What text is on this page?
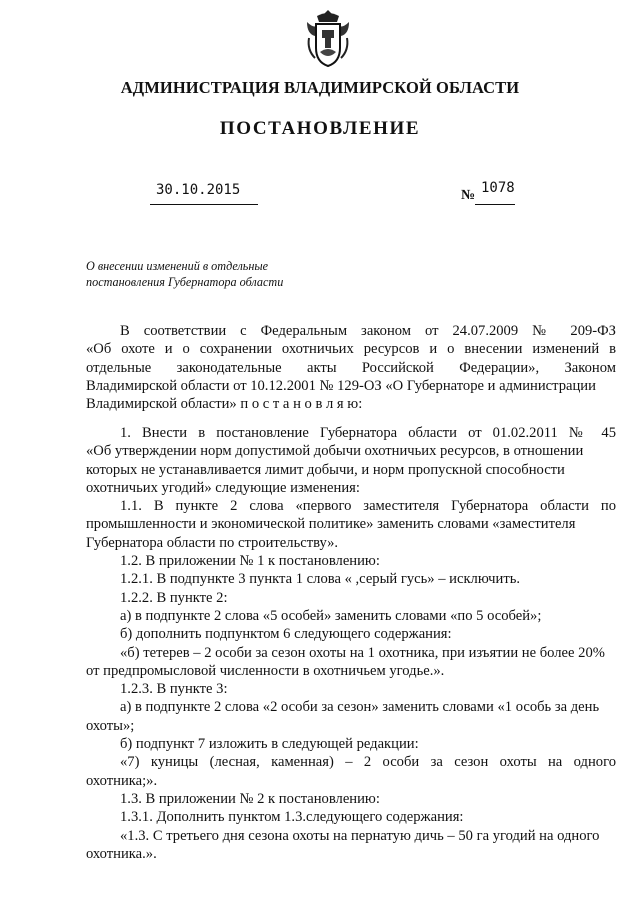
АДМИНИСТРАЦИЯ ВЛАДИМИРСКОЙ ОБЛАСТИ
ПОСТАНОВЛЕНИЕ
30.10.2015	№ 1078
О внесении изменений в отдельные
постановления Губернатора области
В соответствии с Федеральным законом от 24.07.2009 № 209-ФЗ
«Об охоте и о сохранении охотничьих ресурсов и о внесении изменений в
отдельные законодательные акты Российской Федерации», Законом
Владимирской области от 10.12.2001 № 129-ОЗ «О Губернаторе и администрации
Владимирской области» п о с т а н о в л я ю:
1. Внести в постановление Губернатора области от 01.02.2011 № 45
«Об утверждении норм допустимой добычи охотничьих ресурсов, в отношении
которых не устанавливается лимит добычи, и норм пропускной способности
охотничьих угодий» следующие изменения:
1.1. В пункте 2 слова «первого заместителя Губернатора области по
промышленности и экономической политике» заменить словами «заместителя
Губернатора области по строительству».
1.2. В приложении № 1 к постановлению:
1.2.1. В подпункте 3 пункта 1 слова « ,серый гусь» – исключить.
1.2.2. В пункте 2:
а) в подпункте 2 слова «5 особей» заменить словами «по 5 особей»;
б) дополнить подпунктом 6 следующего содержания:
«б) тетерев – 2 особи за сезон охоты на 1 охотника, при изъятии не более 20%
от предпромысловой численности в охотничьем угодье.».
1.2.3. В пункте 3:
а) в подпункте 2 слова «2 особи за сезон» заменить словами «1 особь за день
охоты»;
б) подпункт 7 изложить в следующей редакции:
«7) куницы (лесная, каменная) – 2 особи за сезон охоты на одного
охотника;».
1.3. В приложении № 2 к постановлению:
1.3.1. Дополнить пунктом 1.3.следующего содержания:
«1.3. С третьего дня сезона охоты на пернатую дичь – 50 га угодий на одного
охотника.».
